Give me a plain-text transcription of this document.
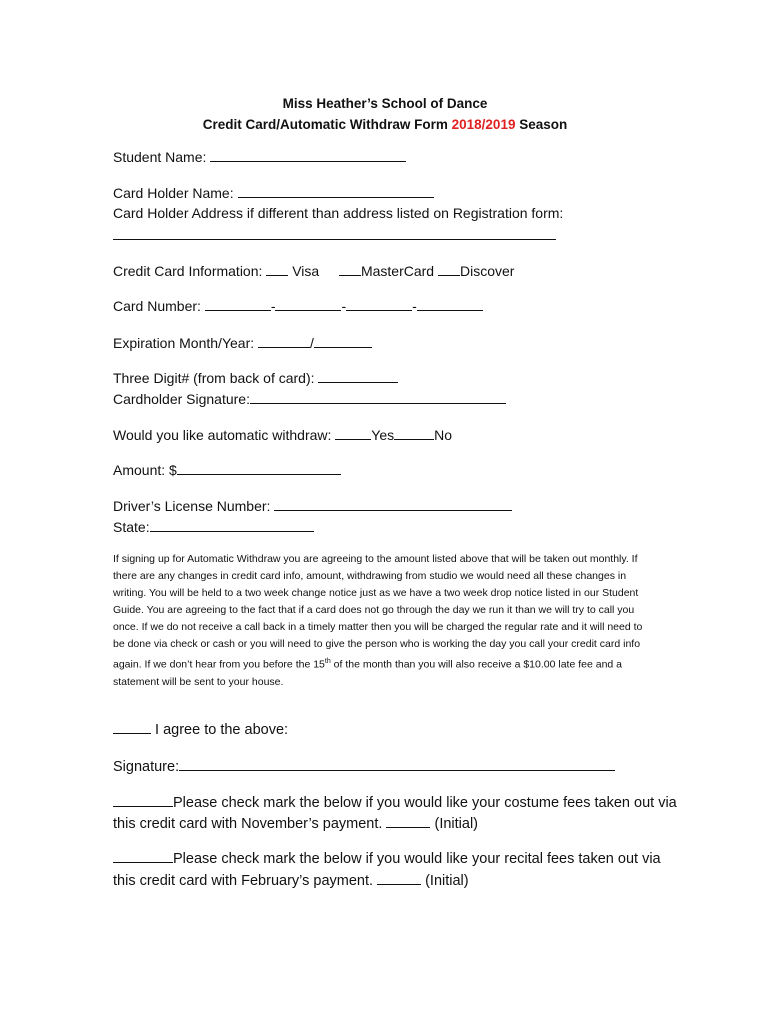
Miss Heather’s School of Dance
Credit Card/Automatic Withdraw Form 2018/2019 Season
Student Name:
Card Holder Name:
Card Holder Address if different than address listed on Registration form:
Credit Card Information: Visa	MasterCard Discover
Card Number:	-	-	-
Expiration Month/Year:	/
Three Digit# (from back of card):
Cardholder Signature:
Would you like automatic withdraw:	Yes	No
Amount: $
Driver’s License Number:
State:
If signing up for Automatic Withdraw you are agreeing to the amount listed above that will be taken out monthly. If there are any changes in credit card info, amount, withdrawing from studio we would need all these changes in writing. You will be held to a two week change notice just as we have a two week drop notice listed in our Student Guide. You are agreeing to the fact that if a card does not go through the day we run it than we will try to call you once. If we do not receive a call back in a timely matter then you will be charged the regular rate and it will need to be done via check or cash or you will need to give the person who is working the day you call your credit card info again. If we don’t hear from you before the 15th of the month than you will also receive a $10.00 late fee and a statement will be sent to your house.
I agree to the above:
Signature:
Please check mark the below if you would like your costume fees taken out via
this credit card with November’s payment.	(Initial)
Please check mark the below if you would like your recital fees taken out via
this credit card with February’s payment.	(Initial)
